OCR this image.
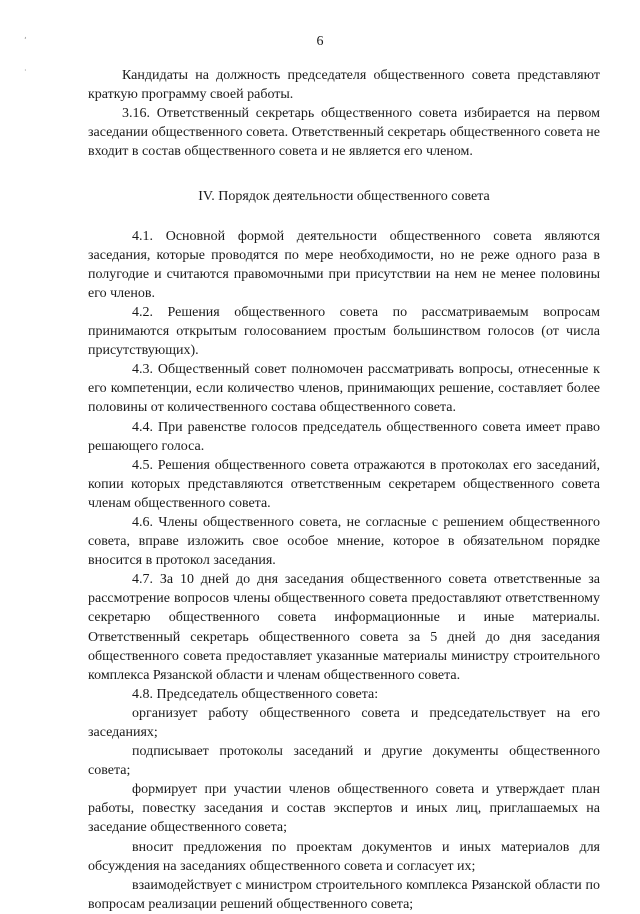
¸
·
6

Кандидаты на должность председателя общественного совета представляют краткую программу своей работы.

3.16. Ответственный секретарь общественного совета избирается на первом заседании общественного совета. Ответственный секретарь общественного совета не входит в состав общественного совета и не является его членом.

IV. Порядок деятельности общественного совета

4.1. Основной формой деятельности общественного совета являются заседания, которые проводятся по мере необходимости, но не реже одного раза в полугодие и считаются правомочными при присутствии на нем не менее половины его членов.

4.2. Решения общественного совета по рассматриваемым вопросам принимаются открытым голосованием простым большинством голосов (от числа присутствующих).

4.3. Общественный совет полномочен рассматривать вопросы, отнесенные к его компетенции, если количество членов, принимающих решение, составляет более половины от количественного состава общественного совета.

4.4. При равенстве голосов председатель общественного совета имеет право решающего голоса.

4.5. Решения общественного совета отражаются в протоколах его заседаний, копии которых представляются ответственным секретарем общественного совета членам общественного совета.

4.6. Члены общественного совета, не согласные с решением общественного совета, вправе изложить свое особое мнение, которое в обязательном порядке вносится в протокол заседания.

4.7. За 10 дней до дня заседания общественного совета ответственные за рассмотрение вопросов члены общественного совета предоставляют ответственному секретарю общественного совета информационные и иные материалы. Ответственный секретарь общественного совета за 5 дней до дня заседания общественного совета предоставляет указанные материалы министру строительного комплекса Рязанской области и членам общественного совета.

4.8. Председатель общественного совета:

организует работу общественного совета и председательствует на его заседаниях;

подписывает протоколы заседаний и другие документы общественного совета;

формирует при участии членов общественного совета и утверждает план работы, повестку заседания и состав экспертов и иных лиц, приглашаемых на заседание общественного совета;

вносит предложения по проектам документов и иных материалов для обсуждения на заседаниях общественного совета и согласует их;

взаимодействует с министром строительного комплекса Рязанской области по вопросам реализации решений общественного совета;
